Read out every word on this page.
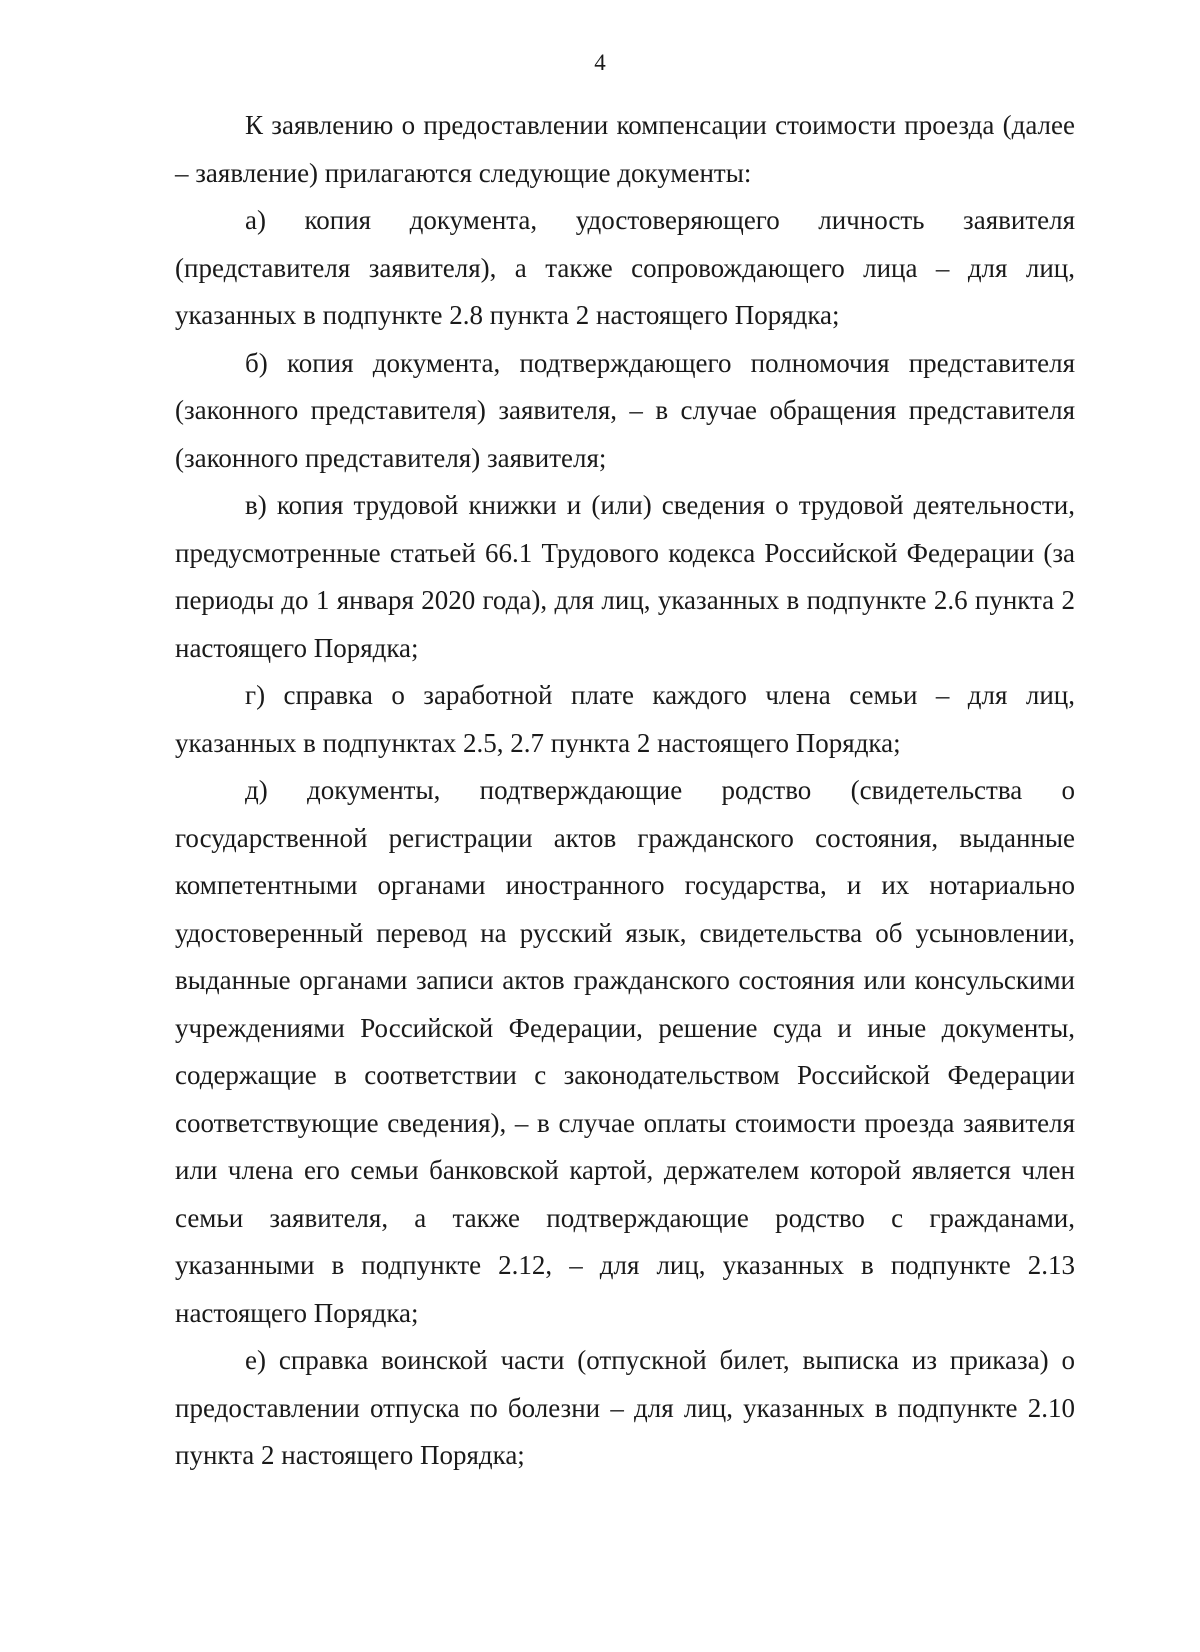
4

К заявлению о предоставлении компенсации стоимости проезда (далее – заявление) прилагаются следующие документы:

а) копия документа, удостоверяющего личность заявителя (представителя заявителя), а также сопровождающего лица – для лиц, указанных в подпункте 2.8 пункта 2 настоящего Порядка;

б) копия документа, подтверждающего полномочия представителя (законного представителя) заявителя, – в случае обращения представителя (законного представителя) заявителя;

в) копия трудовой книжки и (или) сведения о трудовой деятельности, предусмотренные статьей 66.1 Трудового кодекса Российской Федерации (за периоды до 1 января 2020 года), для лиц, указанных в подпункте 2.6 пункта 2 настоящего Порядка;

г) справка о заработной плате каждого члена семьи – для лиц, указанных в подпунктах 2.5, 2.7 пункта 2 настоящего Порядка;

д) документы, подтверждающие родство (свидетельства о государственной регистрации актов гражданского состояния, выданные компетентными органами иностранного государства, и их нотариально удостоверенный перевод на русский язык, свидетельства об усыновлении, выданные органами записи актов гражданского состояния или консульскими учреждениями Российской Федерации, решение суда и иные документы, содержащие в соответствии с законодательством Российской Федерации соответствующие сведения), – в случае оплаты стоимости проезда заявителя или члена его семьи банковской картой, держателем которой является член семьи заявителя, а также подтверждающие родство с гражданами, указанными в подпункте 2.12, – для лиц, указанных в подпункте 2.13 настоящего Порядка;

е) справка воинской части (отпускной билет, выписка из приказа) о предоставлении отпуска по болезни – для лиц, указанных в подпункте 2.10 пункта 2 настоящего Порядка;
